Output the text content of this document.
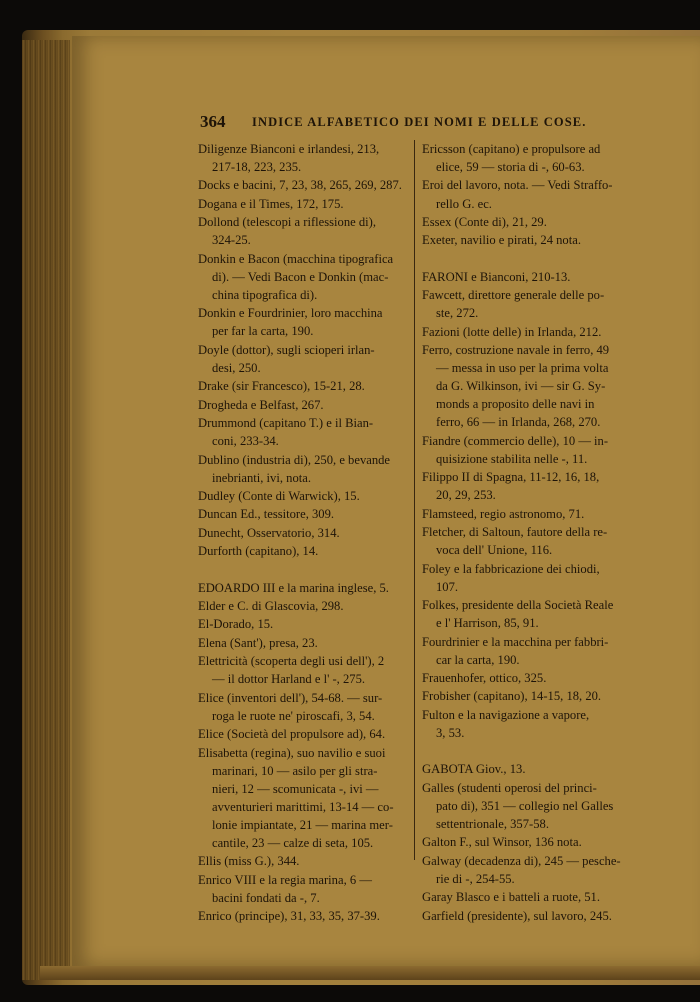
364 INDICE ALFABETICO DEI NOMI E DELLE COSE.
Diligenze Bianconi e irlandesi, 213,
217-18, 223, 235.
Docks e bacini, 7, 23, 38, 265, 269, 287.
Dogana e il Times, 172, 175.
Dollond (telescopi a riflessione di),
324-25.
Donkin e Bacon (macchina tipografica
di). — Vedi Bacon e Donkin (mac-
china tipografica di).
Donkin e Fourdrinier, loro macchina
per far la carta, 190.
Doyle (dottor), sugli scioperi irlan-
desi, 250.
Drake (sir Francesco), 15-21, 28.
Drogheda e Belfast, 267.
Drummond (capitano T.) e il Bian-
coni, 233-34.
Dublino (industria di), 250, e bevande
inebrianti, ivi, nota.
Dudley (Conte di Warwick), 15.
Duncan Ed., tessitore, 309.
Dunecht, Osservatorio, 314.
Durforth (capitano), 14.
EDOARDO III e la marina inglese, 5.
Elder e C. di Glascovia, 298.
El-Dorado, 15.
Elena (Sant'), presa, 23.
Elettricità (scoperta degli usi dell'), 2
— il dottor Harland e l' -, 275.
Elice (inventori dell'), 54-68. — sur-
roga le ruote ne' piroscafi, 3, 54.
Elice (Società del propulsore ad), 64.
Elisabetta (regina), suo navilio e suoi
marinari, 10 — asilo per gli stra-
nieri, 12 — scomunicata -, ivi —
avventurieri marittimi, 13-14 — co-
lonie impiantate, 21 — marina mer-
cantile, 23 — calze di seta, 105.
Ellis (miss G.), 344.
Enrico VIII e la regia marina, 6 —
bacini fondati da -, 7.
Enrico (principe), 31, 33, 35, 37-39.
Ericsson (capitano) e propulsore ad
elice, 59 — storia di -, 60-63.
Eroi del lavoro, nota. — Vedi Straffo-
rello G. ec.
Essex (Conte di), 21, 29.
Exeter, navilio e pirati, 24 nota.
FARONI e Bianconi, 210-13.
Fawcett, direttore generale delle po-
ste, 272.
Fazioni (lotte delle) in Irlanda, 212.
Ferro, costruzione navale in ferro, 49
— messa in uso per la prima volta
da G. Wilkinson, ivi — sir G. Sy-
monds a proposito delle navi in
ferro, 66 — in Irlanda, 268, 270.
Fiandre (commercio delle), 10 — in-
quisizione stabilita nelle -, 11.
Filippo II di Spagna, 11-12, 16, 18,
20, 29, 253.
Flamsteed, regio astronomo, 71.
Fletcher, di Saltoun, fautore della re-
voca dell' Unione, 116.
Foley e la fabbricazione dei chiodi,
107.
Folkes, presidente della Società Reale
e l' Harrison, 85, 91.
Fourdrinier e la macchina per fabbri-
car la carta, 190.
Frauenhofer, ottico, 325.
Frobisher (capitano), 14-15, 18, 20.
Fulton e la navigazione a vapore,
3, 53.
GABOTA Giov., 13.
Galles (studenti operosi del princi-
pato di), 351 — collegio nel Galles
settentrionale, 357-58.
Galton F., sul Winsor, 136 nota.
Galway (decadenza di), 245 — pesche-
rie di -, 254-55.
Garay Blasco e i batteli a ruote, 51.
Garfield (presidente), sul lavoro, 245.
